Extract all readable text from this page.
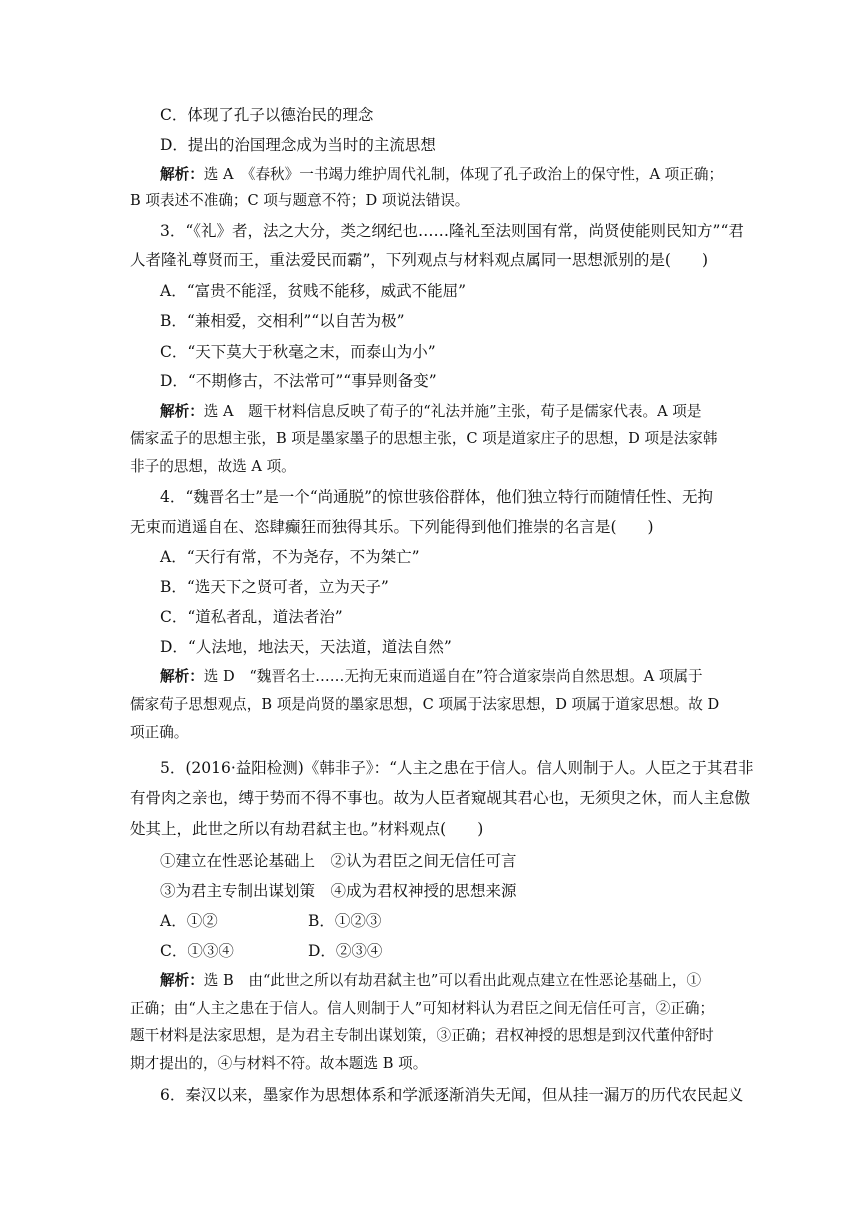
C．体现了孔子以德治民的理念
D．提出的治国理念成为当时的主流思想
解析：选 A　《春秋》一书竭力维护周代礼制，体现了孔子政治上的保守性，A 项正确；
B 项表述不准确；C 项与题意不符；D 项说法错误。
3．“《礼》者，法之大分，类之纲纪也……隆礼至法则国有常，尚贤使能则民知方”“君
人者隆礼尊贤而王，重法爱民而霸”，下列观点与材料观点属同一思想派别的是(　　)
A．“富贵不能淫，贫贱不能移，威武不能屈”
B．“兼相爱，交相利”“以自苦为极”
C．“天下莫大于秋毫之末，而泰山为小”
D．“不期修古，不法常可”“事异则备变”
解析：选 A　题干材料信息反映了荀子的“礼法并施”主张，荀子是儒家代表。A 项是
儒家孟子的思想主张，B 项是墨家墨子的思想主张，C 项是道家庄子的思想，D 项是法家韩
非子的思想，故选 A 项。
4．“魏晋名士”是一个“尚通脱”的惊世骇俗群体，他们独立特行而随情任性、无拘
无束而逍遥自在、恣肆癫狂而独得其乐。下列能得到他们推崇的名言是(　　)
A．“天行有常，不为尧存，不为桀亡”
B．“选天下之贤可者，立为天子”
C．“道私者乱，道法者治”
D．“人法地，地法天，天法道，道法自然”
解析：选 D　“魏晋名士……无拘无束而逍遥自在”符合道家崇尚自然思想。A 项属于
儒家荀子思想观点，B 项是尚贤的墨家思想，C 项属于法家思想，D 项属于道家思想。故 D
项正确。
5．(2016·益阳检测)《韩非子》：“人主之患在于信人。信人则制于人。人臣之于其君非
有骨肉之亲也，缚于势而不得不事也。故为人臣者窥觇其君心也，无须臾之休，而人主怠傲
处其上，此世之所以有劫君弑主也。”材料观点(　　)
①建立在性恶论基础上　②认为君臣之间无信任可言
③为君主专制出谋划策　④成为君权神授的思想来源
A．①②	B．①②③
C．①③④	D．②③④
解析：选 B　由“此世之所以有劫君弑主也”可以看出此观点建立在性恶论基础上，①
正确；由“人主之患在于信人。信人则制于人”可知材料认为君臣之间无信任可言，②正确；
题干材料是法家思想，是为君主专制出谋划策，③正确；君权神授的思想是到汉代董仲舒时
期才提出的，④与材料不符。故本题选 B 项。
6．秦汉以来，墨家作为思想体系和学派逐渐消失无闻，但从挂一漏万的历代农民起义
